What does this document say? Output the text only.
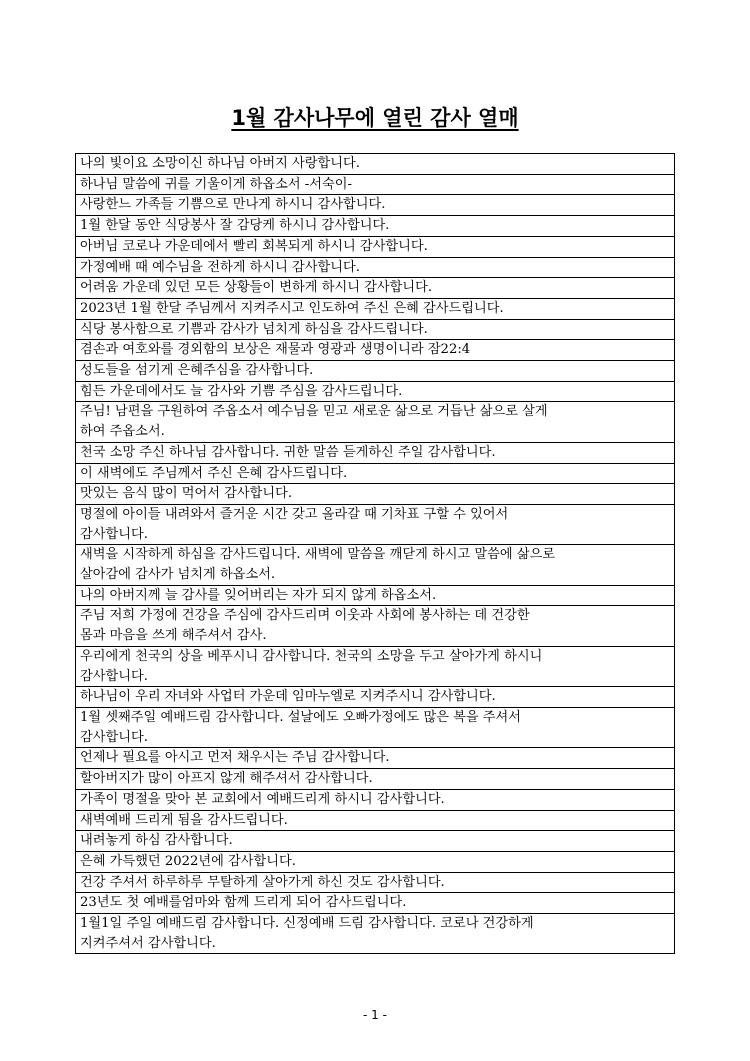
1월 감사나무에 열린 감사 열매
나의 빛이요 소망이신 하나님 아버지 사랑합니다.

하나님 말씀에 귀를 기울이게 하옵소서 -서숙이-

사랑한느 가족들 기쁨으로 만나게 하시니 감사합니다.

1월 한달 동안 식당봉사 잘 감당케 하시니 감사합니다.

아버님 코로나 가운데에서 빨리 회복되게 하시니 감사합니다.

가정예배 때 예수님을 전하게 하시니 감사합니다.

어려움 가운데 있던 모든 상황들이 변하게 하시니 감사합니다.

2023년 1월 한달 주님께서 지켜주시고 인도하여 주신 은혜 감사드립니다.

식당 봉사함으로 기쁨과 감사가 넘치게 하심을 감사드립니다.

겸손과 여호와를 경외함의 보상은 재물과 영광과 생명이니라 잠22:4

성도들을 섬기게 은혜주심을 감사합니다.

힘든 가운데에서도 늘 감사와 기쁨 주심을 감사드립니다.

주님! 남편을 구원하여 주옵소서 예수님을 믿고 새로운 삶으로 거듭난 삶으로 살게
하여 주옵소서.

천국 소망 주신 하나님 감사합니다. 귀한 말씀 듣게하신 주일 감사합니다.

이 새벽에도 주님께서 주신 은혜 감사드립니다.

맛있는 음식 많이 먹어서 감사합니다.

명절에 아이들 내려와서 즐거운 시간 갖고 올라갈 때 기차표 구할 수 있어서
감사합니다.

새벽을 시작하게 하심을 감사드립니다. 새벽에 말씀을 깨닫게 하시고 말씀에 삶으로
살아감에 감사가 넘치게 하옵소서.

나의 아버지께 늘 감사를 잊어버리는 자가 되지 않게 하옵소서.

주님 저희 가정에 건강을 주심에 감사드리며 이웃과 사회에 봉사하는 데 건강한
몸과 마음을 쓰게 해주셔서 감사.

우리에게 천국의 상을 베푸시니 감사합니다. 천국의 소망을 두고 살아가게 하시니
감사합니다.

하나님이 우리 자녀와 사업터 가운데 임마누엘로 지켜주시니 감사합니다.

1월 셋째주일 예배드림 감사합니다. 설날에도 오빠가정에도 많은 복을 주셔서
감사합니다.

언제나 필요를 아시고 먼저 채우시는 주님 감사합니다.

할아버지가 많이 아프지 않게 해주셔서 감사합니다.

가족이 명절을 맞아 본 교회에서 예배드리게 하시니 감사합니다.

새벽예배 드리게 됨을 감사드립니다.

내려놓게 하심 감사합니다.

은혜 가득했던 2022년에 감사합니다.

건강 주셔서 하루하루 무탈하게 살아가게 하신 것도 감사합니다.

23년도 첫 예배를엄마와 함께 드리게 되어 감사드립니다.

1월1일 주일 예배드림 감사합니다. 신정예배 드림 감사합니다. 코로나 건강하게
지켜주셔서 감사합니다.
- 1 -
